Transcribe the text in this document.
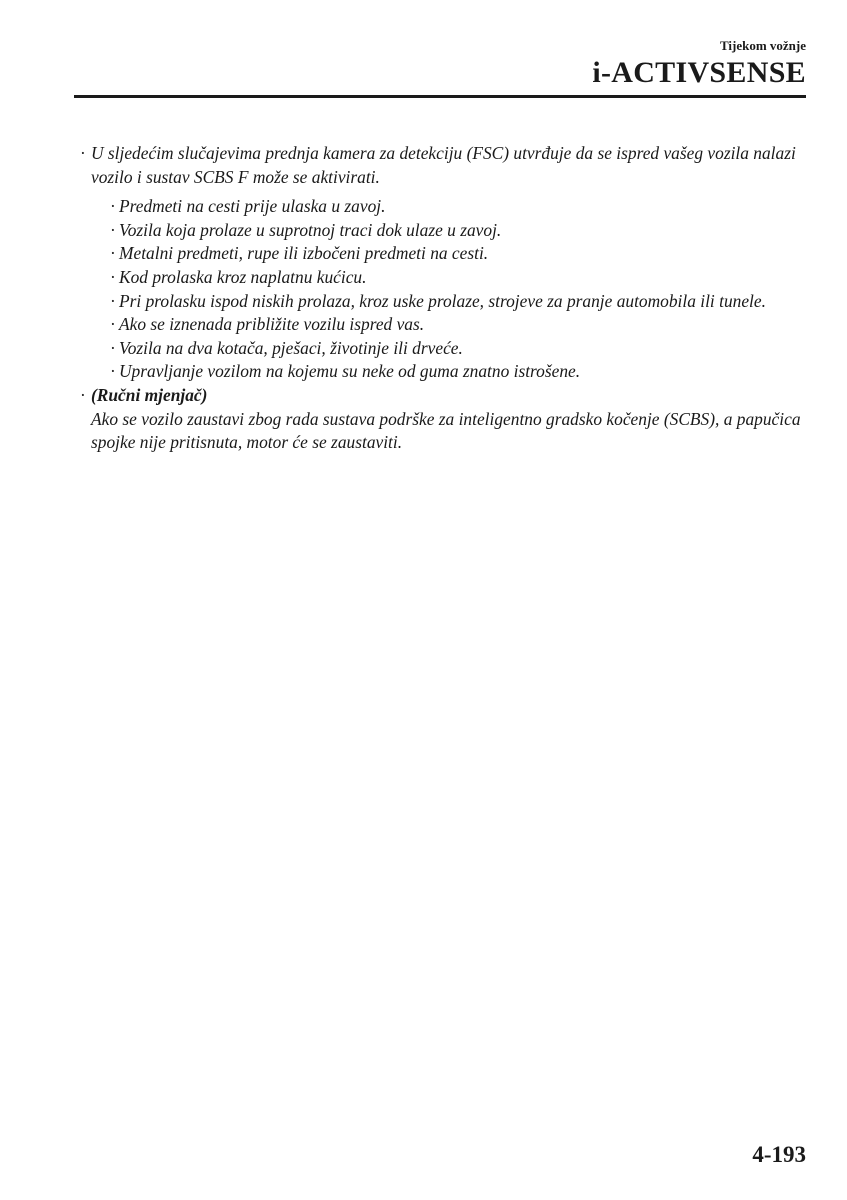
Tijekom vožnje
i-ACTIVSENSE
· U sljedećim slučajevima prednja kamera za detekciju (FSC) utvrđuje da se ispred vašeg vozila nalazi vozilo i sustav SCBS F može se aktivirati.
· Predmeti na cesti prije ulaska u zavoj.
· Vozila koja prolaze u suprotnoj traci dok ulaze u zavoj.
· Metalni predmeti, rupe ili izbočeni predmeti na cesti.
· Kod prolaska kroz naplatnu kućicu.
· Pri prolasku ispod niskih prolaza, kroz uske prolaze, strojeve za pranje automobila ili tunele.
· Ako se iznenada približite vozilu ispred vas.
· Vozila na dva kotača, pješaci, životinje ili drveće.
· Upravljanje vozilom na kojemu su neke od guma znatno istrošene.
· (Ručni mjenjač)
Ako se vozilo zaustavi zbog rada sustava podrške za inteligentno gradsko kočenje (SCBS), a papučica spojke nije pritisnuta, motor će se zaustaviti.
4-193
